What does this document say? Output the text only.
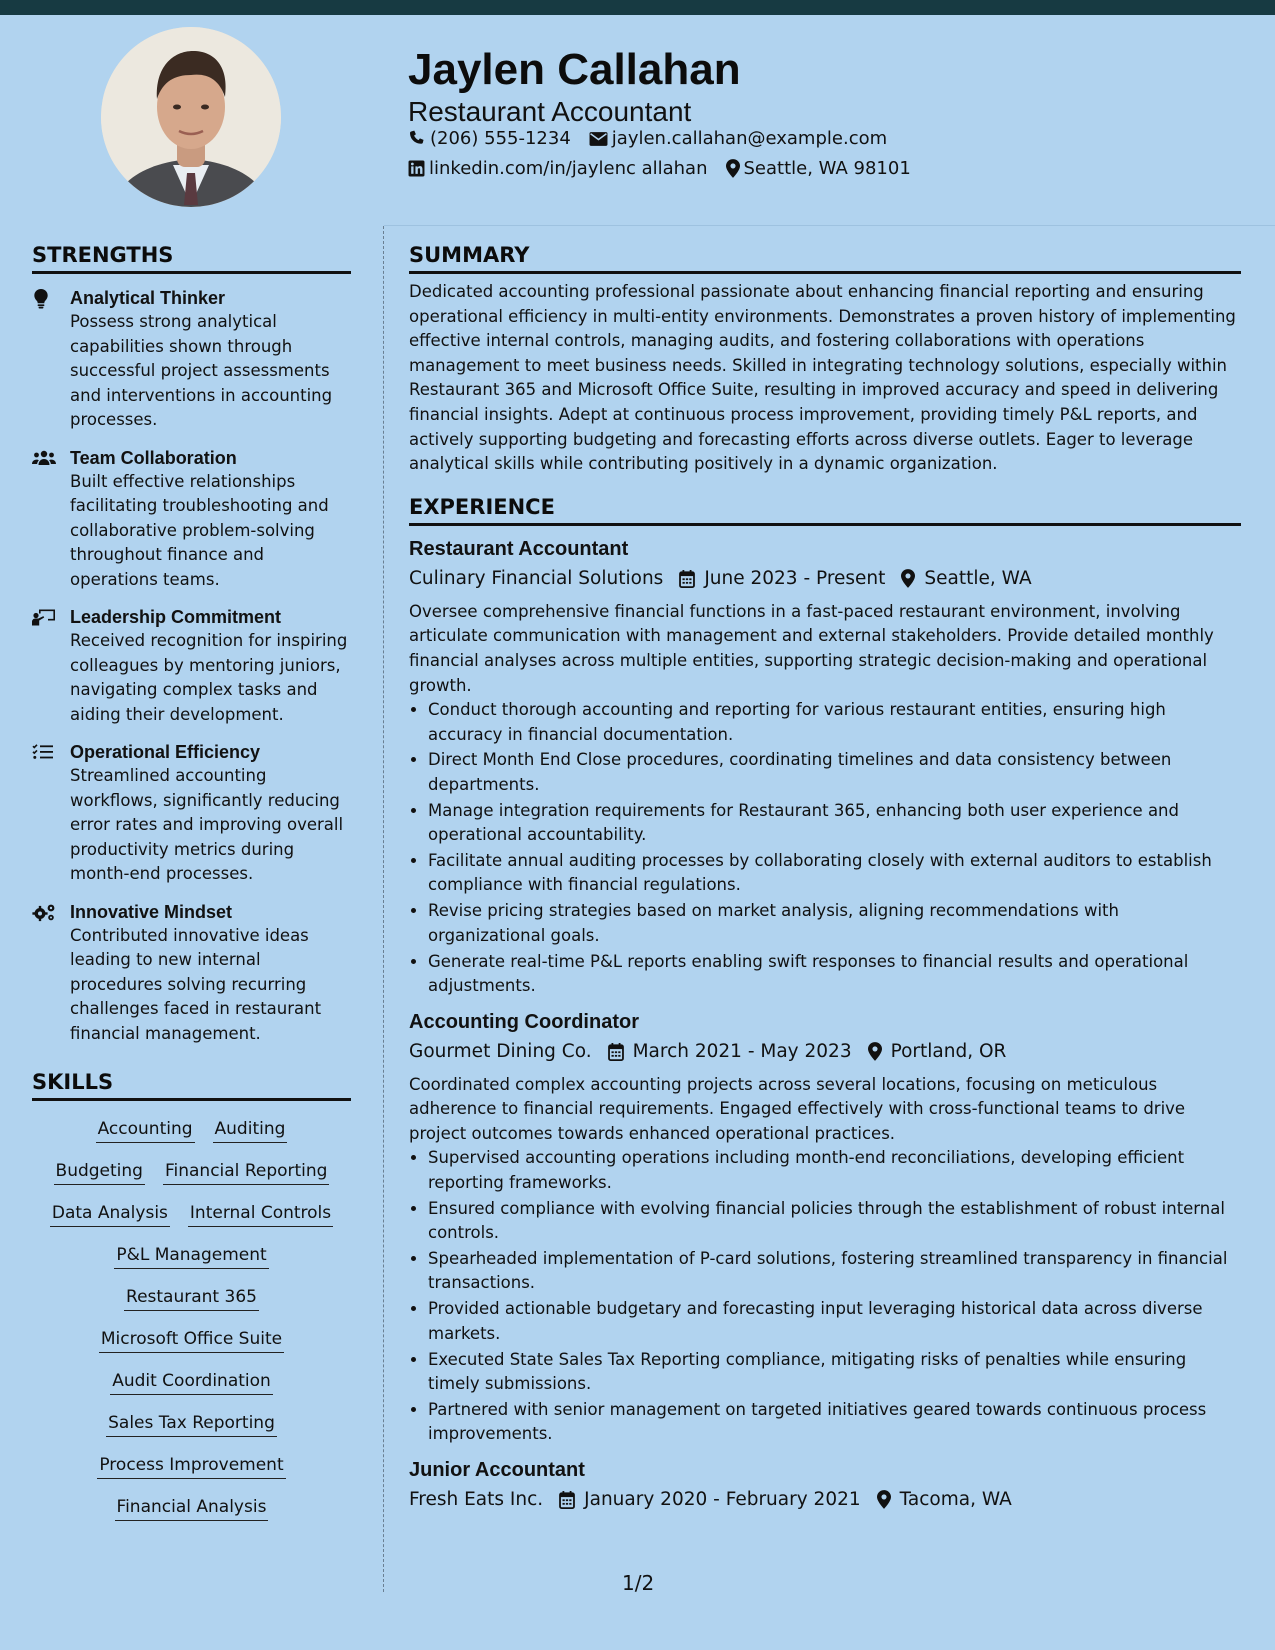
Jaylen Callahan
Restaurant Accountant
(206) 555-1234 jaylen.callahan@example.com
linkedin.com/in/jaylenc allahan Seattle, WA 98101
STRENGTHS
Analytical Thinker
Possess strong analytical capabilities shown through successful project assessments and interventions in accounting processes.
Team Collaboration
Built effective relationships facilitating troubleshooting and collaborative problem-solving throughout finance and operations teams.
Leadership Commitment
Received recognition for inspiring colleagues by mentoring juniors, navigating complex tasks and aiding their development.
Operational Efficiency
Streamlined accounting workflows, significantly reducing error rates and improving overall productivity metrics during month-end processes.
Innovative Mindset
Contributed innovative ideas leading to new internal procedures solving recurring challenges faced in restaurant financial management.
SKILLS
Accounting Auditing
Budgeting Financial Reporting
Data Analysis Internal Controls
P&L Management
Restaurant 365
Microsoft Office Suite
Audit Coordination
Sales Tax Reporting
Process Improvement
Financial Analysis
SUMMARY

Dedicated accounting professional passionate about enhancing financial reporting and ensuring operational efficiency in multi-entity environments. Demonstrates a proven history of implementing effective internal controls, managing audits, and fostering collaborations with operations management to meet business needs. Skilled in integrating technology solutions, especially within Restaurant 365 and Microsoft Office Suite, resulting in improved accuracy and speed in delivering financial insights. Adept at continuous process improvement, providing timely P&L reports, and actively supporting budgeting and forecasting efforts across diverse outlets. Eager to leverage analytical skills while contributing positively in a dynamic organization.

EXPERIENCE
Restaurant Accountant
Culinary Financial Solutions June 2023 - Present Seattle, WA

Oversee comprehensive financial functions in a fast-paced restaurant environment, involving articulate communication with management and external stakeholders. Provide detailed monthly financial analyses across multiple entities, supporting strategic decision-making and operational growth.

• Conduct thorough accounting and reporting for various restaurant entities, ensuring high accuracy in financial documentation.
• Direct Month End Close procedures, coordinating timelines and data consistency between departments.
• Manage integration requirements for Restaurant 365, enhancing both user experience and operational accountability.
• Facilitate annual auditing processes by collaborating closely with external auditors to establish compliance with financial regulations.
• Revise pricing strategies based on market analysis, aligning recommendations with organizational goals.
• Generate real-time P&L reports enabling swift responses to financial results and operational adjustments.
Accounting Coordinator
Gourmet Dining Co. March 2021 - May 2023 Portland, OR

Coordinated complex accounting projects across several locations, focusing on meticulous adherence to financial requirements. Engaged effectively with cross-functional teams to drive project outcomes towards enhanced operational practices.

• Supervised accounting operations including month-end reconciliations, developing efficient reporting frameworks.
• Ensured compliance with evolving financial policies through the establishment of robust internal controls.
• Spearheaded implementation of P-card solutions, fostering streamlined transparency in financial transactions.
• Provided actionable budgetary and forecasting input leveraging historical data across diverse markets.
• Executed State Sales Tax Reporting compliance, mitigating risks of penalties while ensuring timely submissions.
• Partnered with senior management on targeted initiatives geared towards continuous process improvements.
Junior Accountant
Fresh Eats Inc. January 2020 - February 2021 Tacoma, WA
1/2
